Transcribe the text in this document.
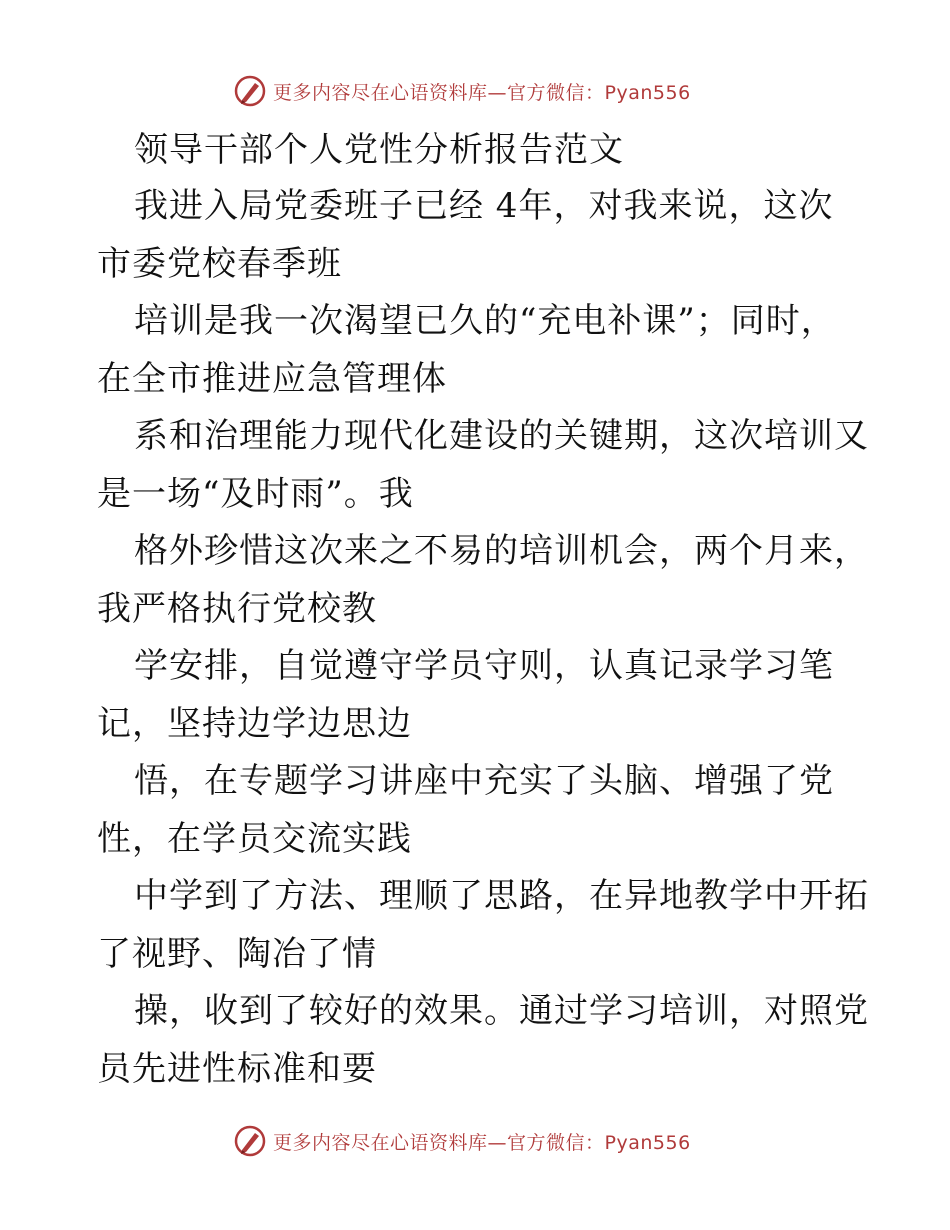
更多内容尽在心语资料库—官方微信：Pyan556
领导干部个人党性分析报告范文
我进入局党委班子已经 4年，对我来说，这次
市委党校春季班
培训是我一次渴望已久的“充电补课”；同时，
在全市推进应急管理体
系和治理能力现代化建设的关键期，这次培训又
是一场“及时雨”。我
格外珍惜这次来之不易的培训机会，两个月来，
我严格执行党校教
学安排，自觉遵守学员守则，认真记录学习笔
记，坚持边学边思边
悟，在专题学习讲座中充实了头脑、增强了党
性，在学员交流实践
中学到了方法、理顺了思路，在异地教学中开拓
了视野、陶冶了情
操，收到了较好的效果。通过学习培训，对照党
员先进性标准和要
更多内容尽在心语资料库—官方微信：Pyan556
